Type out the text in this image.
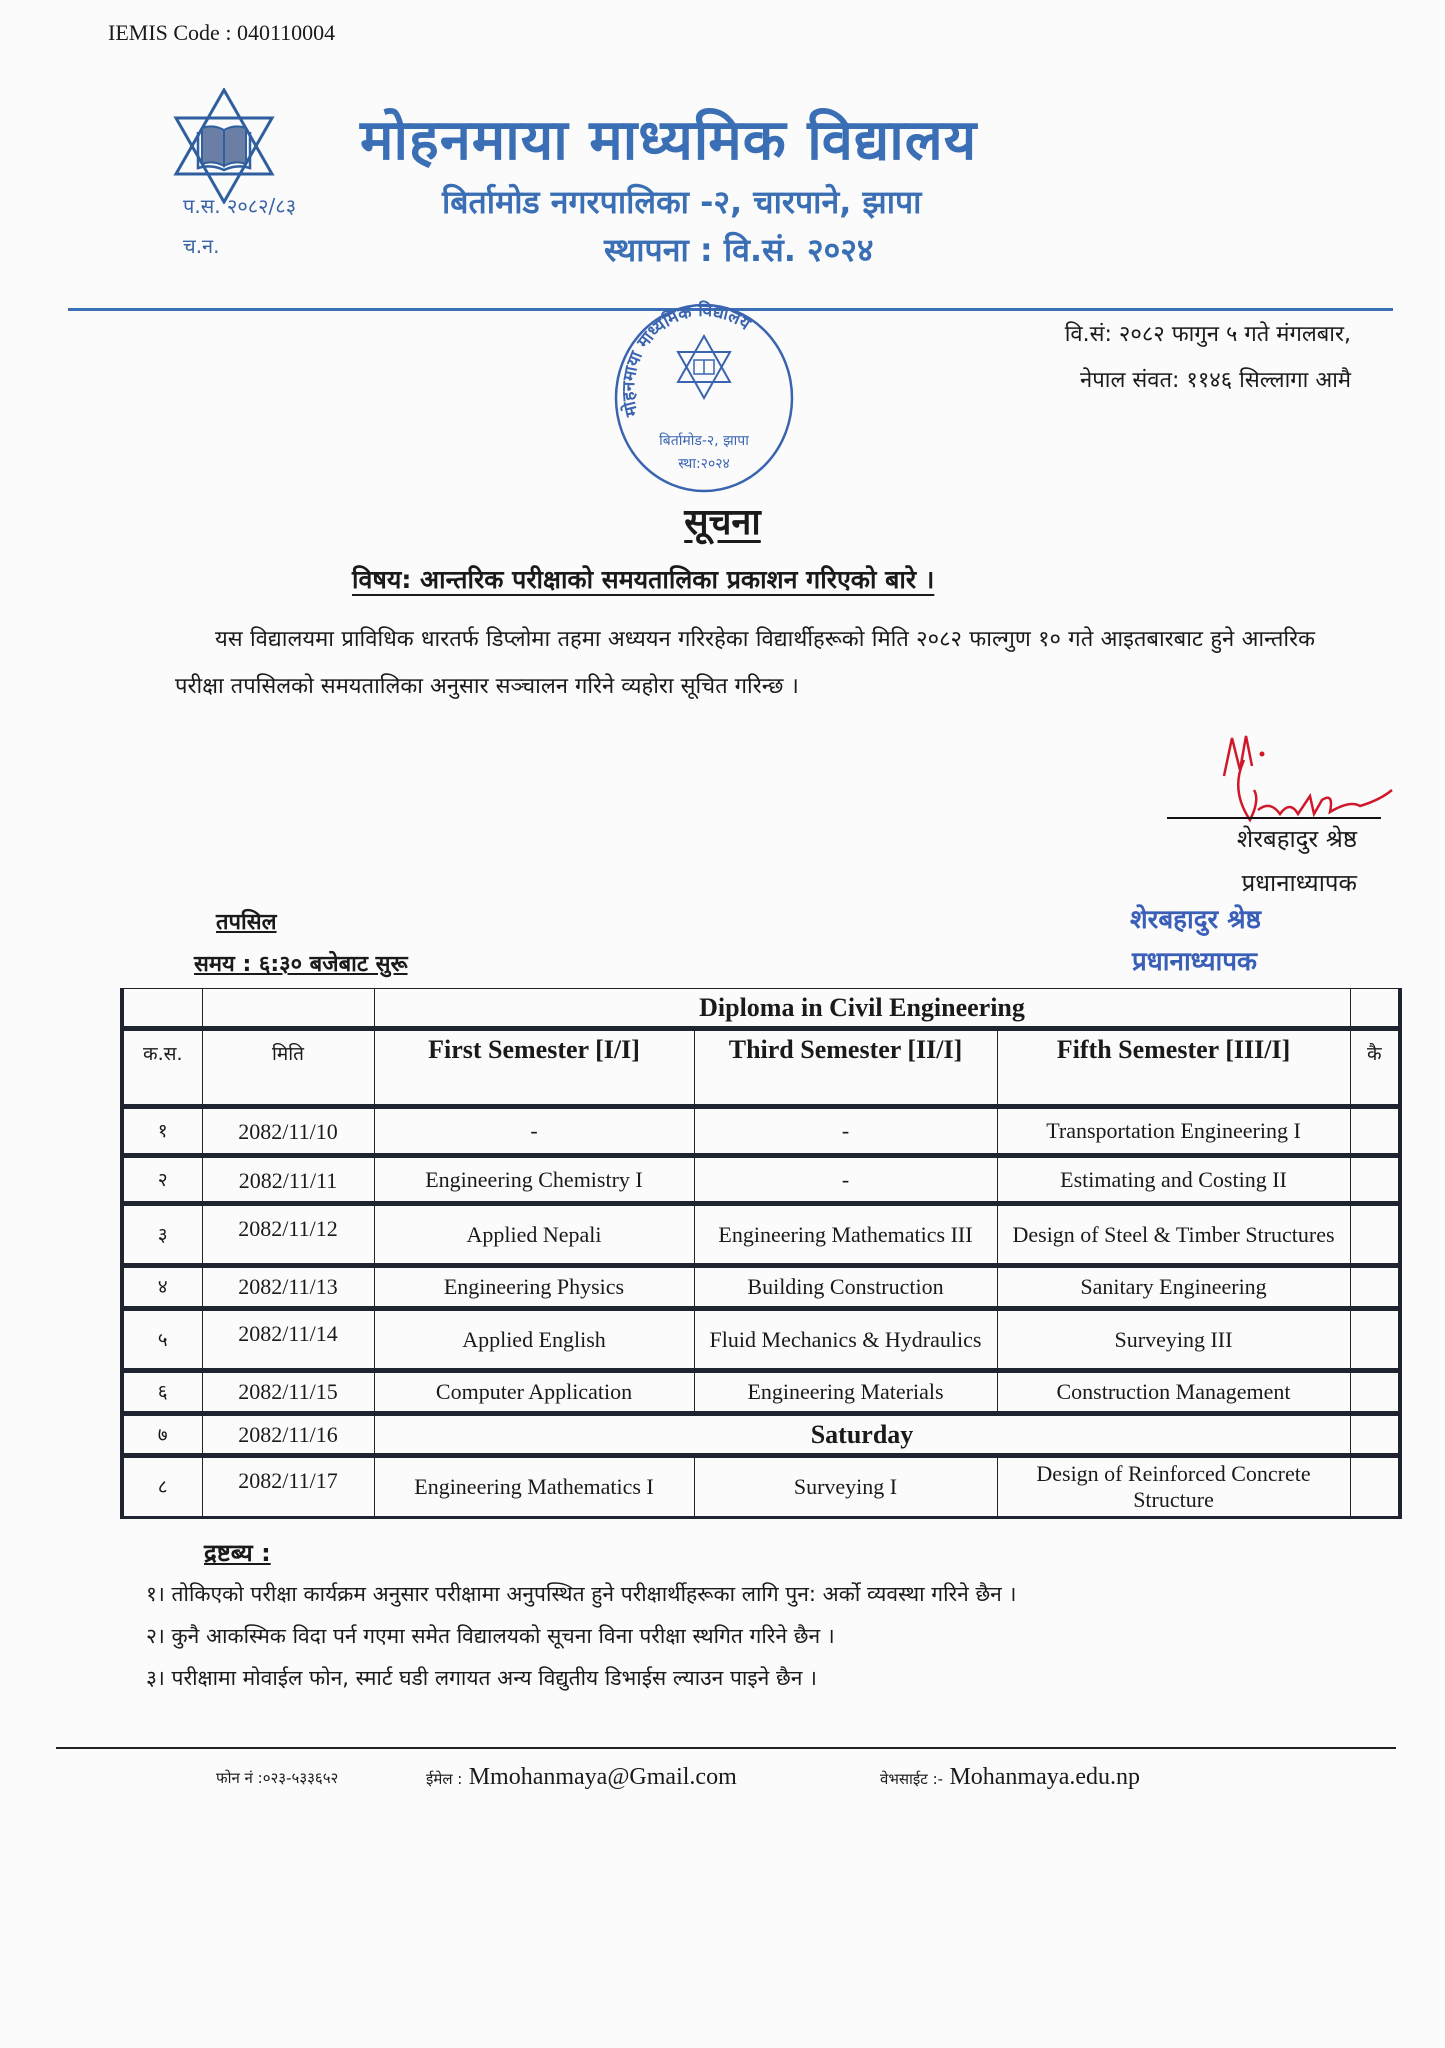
IEMIS Code : 040110004
प.स. २०८२/८३
च.न.
मोहनमाया माध्यमिक विद्यालय
बिर्तामोड नगरपालिका -२, चारपाने, झापा
स्थापना : वि.सं. २०२४
मोहनमाया माध्यमिक विद्यालय
बिर्तामोड-२, झापा
स्था:२०२४
वि.सं: २०८२ फागुन ५ गते मंगलबार,
नेपाल संवत: ११४६ सिल्लागा आमै
सूचना
विषय: आन्तरिक परीक्षाको समयतालिका प्रकाशन गरिएको बारे ।
यस विद्यालयमा प्राविधिक धारतर्फ डिप्लोमा तहमा अध्ययन गरिरहेका विद्यार्थीहरूको मिति २०८२ फाल्गुण १० गते आइतबारबाट हुने आन्तरिक परीक्षा तपसिलको समयतालिका अनुसार सञ्चालन गरिने व्यहोरा सूचित गरिन्छ ।
शेरबहादुर श्रेष्ठ
प्रधानाध्यापक
शेरबहादुर श्रेष्ठ
प्रधानाध्यापक
तपसिल
समय : ६:३० बजेबाट सुरू
		Diploma in Civil Engineering			
क.स.	मिति	First Semester [I/I]	Third Semester [II/I]	Fifth Semester [III/I]	कै
१	2082/11/10	-	-	Transportation Engineering I	
२	2082/11/11	Engineering Chemistry I	-	Estimating and Costing II	
३	2082/11/12	Applied Nepali	Engineering Mathematics III	Design of Steel & Timber Structures	
४	2082/11/13	Engineering Physics	Building Construction	Sanitary Engineering	
५	2082/11/14	Applied English	Fluid Mechanics & Hydraulics	Surveying III	
६	2082/11/15	Computer Application	Engineering Materials	Construction Management	
७	2082/11/16	Saturday			
८	2082/11/17	Engineering Mathematics I	Surveying I	Design of Reinforced Concrete Structure	
द्रष्टब्य :
१। तोकिएको परीक्षा कार्यक्रम अनुसार परीक्षामा अनुपस्थित हुने परीक्षार्थीहरूका लागि पुन: अर्को व्यवस्था गरिने छैन ।
२। कुनै आकस्मिक विदा पर्न गएमा समेत विद्यालयको सूचना विना परीक्षा स्थगित गरिने छैन ।
३। परीक्षामा मोवाईल फोन, स्मार्ट घडी लगायत अन्य विद्युतीय डिभाईस ल्याउन पाइने छैन ।
फोन नं :०२३-५३३६५२	ईमेल : Mmohanmaya@Gmail.com	वेभसाईट :- Mohanmaya.edu.np
